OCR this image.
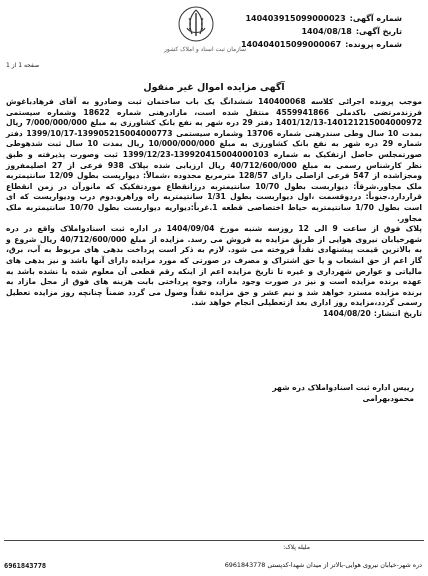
سازمان ثبت اسناد و املاک کشور
شماره آگهی:
140403915099000023
تاریخ آگهی:
1404/08/18
شماره پرونده:
140404015099000067
صفحه 1 از 1
آگهی مزایده اموال غیر منقول

موجب پرونده اجرائی کلاسه 140400068 ششدانگ یک باب ساختمان ثبت وصادرو به آقای فرهادباغوش فرزندمرتضی باکدملی 4559941866 منتقل شده است، مازادرهنی شماره 18622 وشماره سیستمی 140121215004000972-1401/12/13 دفتر 29 دره شهر به نفع بانک کشاورزی به مبلغ 7/000/000/000 ریال بمدت 10 سال وطی سندرهنی شماره 13706 وشماره سیستمی 139905215004000773-1399/10/17 دفتر شماره 29 دره شهر به نفع بانک کشاورزی به مبلغ 10/000/000/000 ریال بمدت 10 سال ثبت شدهوطی صورتمجلس حاصل ازتفکیک به شماره 139920415004000103-1399/12/23 ثبت وصورت پذیرفته و طبق نظر کارشناس رسمی به مبلغ 40/712/600/000 ریال ارزیابی شده بپلاک 938 فرعی از 27 اصلیمفروز ومجزاشده از 547 فرعی ازاصلی دارای 128/57 مترمربع محدوده ،شمالاً: دیوارپست بطول 12/09 سانتیمتربه ملک مجاور.شرقاً: دیواربست بطول 10/70 سانتیمتربه درزانقطاع موردتفکیک که مانورآن در زمن انقطاع قراردارد.جنوباً: دردوقسمت ،اول دیواربست بطول 1/31 سانتیمتربه راه وراهرو.دوم درب ودیواریست که ای است بطول 1/70 سانتیمتربه حیاط اختصاصی قطعه 1.غرباً:دیواریه دیواربست بطول 10/70 سانتیمتربه ملک مجاور.

پلاک فوق از ساعت 9 الی 12 روزسه شنبه مورخ 1404/09/04 در اداره ثبت اسنادواملاک واقع در دره شهرخیابان نیروی هوایی از طریق مزایده به فروش می رسد. مزایده از مبلغ 40/712/600/000 ریال شروع و به بالاترین قیمت پیشنهادی نقداً فروخته می شود. لازم به ذکر است پرداخت بدهی های مربوط به آب، برق، گاز اعم از حق انشعاب و یا حق اشتراک و مصرف در صورتی که مورد مزایده دارای آنها باشد و نیز بدهی های مالیاتی و عوارض شهرداری و غیره تا تاریخ مزایده اعم از اینکه رقم قطعی آن معلوم شده یا نشده باشد به عهده برنده مزایده است و نیز در صورت وجود مازاد، وجوه پرداختی بابت هزینه های فوق از محل مازاد به برنده مزایده مسترد خواهد شد و نیم عشر و حق مزایده نقداً وصول می گردد ضمناً چنانچه روز مزایده تعطیل رسمی گردد،مزایده روز اداری بعد ازتعطیلی انجام خواهد شد.

تاریخ انتشار: 1404/08/20

رییس اداره ثبت اسنادواملاک دره شهر
محمودبهرامی
ملیله پلاک:
6961843778	دره شهر-خیابان نیروی هوایی-بالاتر از میدان شهدا-کدپستی 6961843778
